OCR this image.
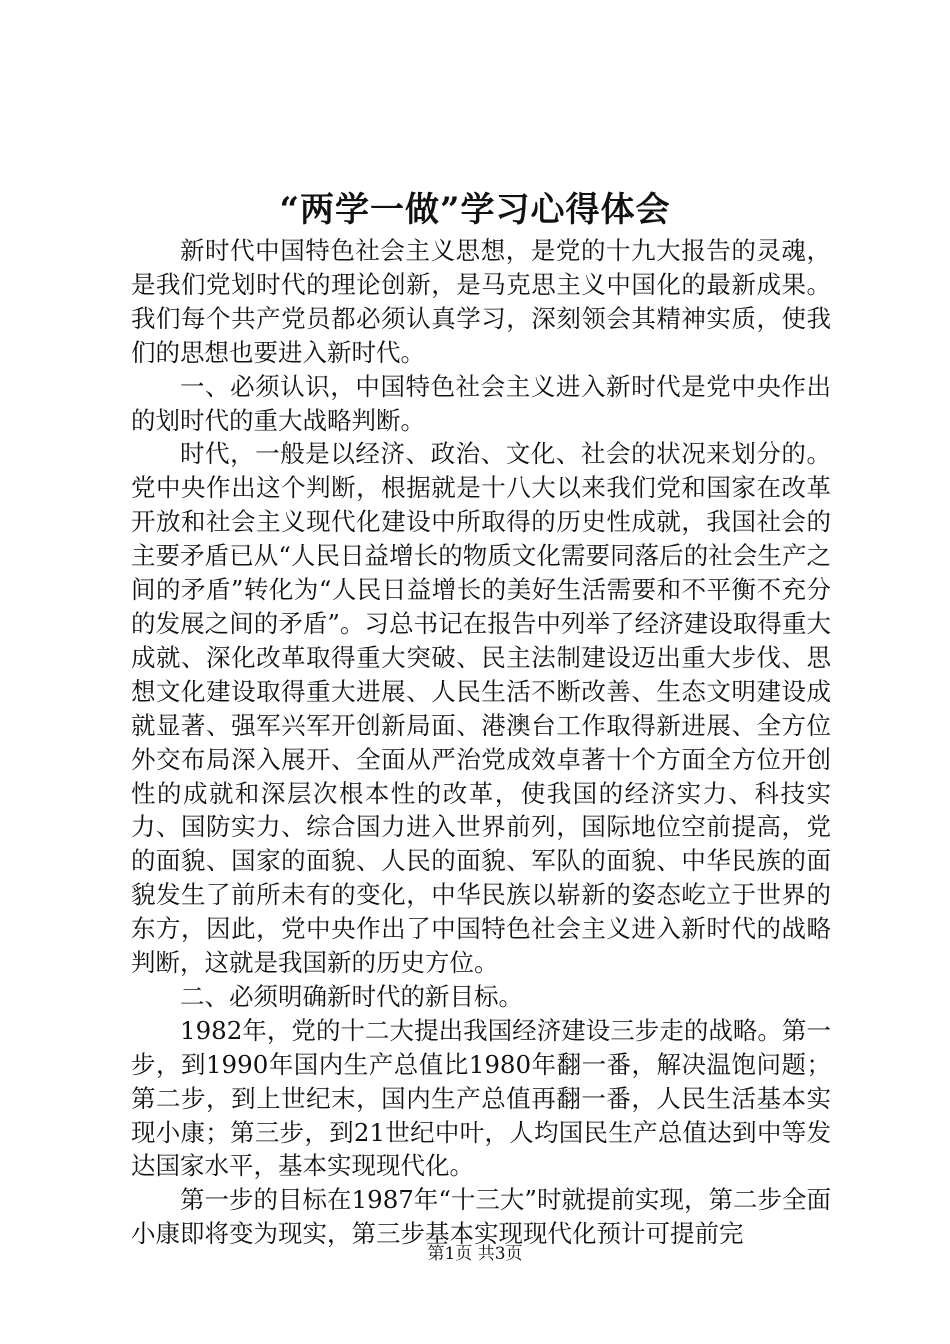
“两学一做”学习心得体会

新时代中国特色社会主义思想，是党的十九大报告的灵魂，是我们党划时代的理论创新，是马克思主义中国化的最新成果。我们每个共产党员都必须认真学习，深刻领会其精神实质，使我们的思想也要进入新时代。

一、必须认识，中国特色社会主义进入新时代是党中央作出的划时代的重大战略判断。

时代，一般是以经济、政治、文化、社会的状况来划分的。党中央作出这个判断，根据就是十八大以来我们党和国家在改革开放和社会主义现代化建设中所取得的历史性成就，我国社会的主要矛盾已从“人民日益增长的物质文化需要同落后的社会生产之间的矛盾”转化为“人民日益增长的美好生活需要和不平衡不充分的发展之间的矛盾”。习总书记在报告中列举了经济建设取得重大成就、深化改革取得重大突破、民主法制建设迈出重大步伐、思想文化建设取得重大进展、人民生活不断改善、生态文明建设成就显著、强军兴军开创新局面、港澳台工作取得新进展、全方位外交布局深入展开、全面从严治党成效卓著十个方面全方位开创性的成就和深层次根本性的改革，使我国的经济实力、科技实力、国防实力、综合国力进入世界前列，国际地位空前提高，党的面貌、国家的面貌、人民的面貌、军队的面貌、中华民族的面貌发生了前所未有的变化，中华民族以崭新的姿态屹立于世界的东方，因此，党中央作出了中国特色社会主义进入新时代的战略判断，这就是我国新的历史方位。

二、必须明确新时代的新目标。

1982年，党的十二大提出我国经济建设三步走的战略。第一步，到1990年国内生产总值比1980年翻一番，解决温饱问题；第二步，到上世纪末，国内生产总值再翻一番，人民生活基本实现小康；第三步，到21世纪中叶，人均国民生产总值达到中等发达国家水平，基本实现现代化。

第一步的目标在1987年“十三大”时就提前实现，第二步全面小康即将变为现实，第三步基本实现现代化预计可提前完

第1页 共3页
